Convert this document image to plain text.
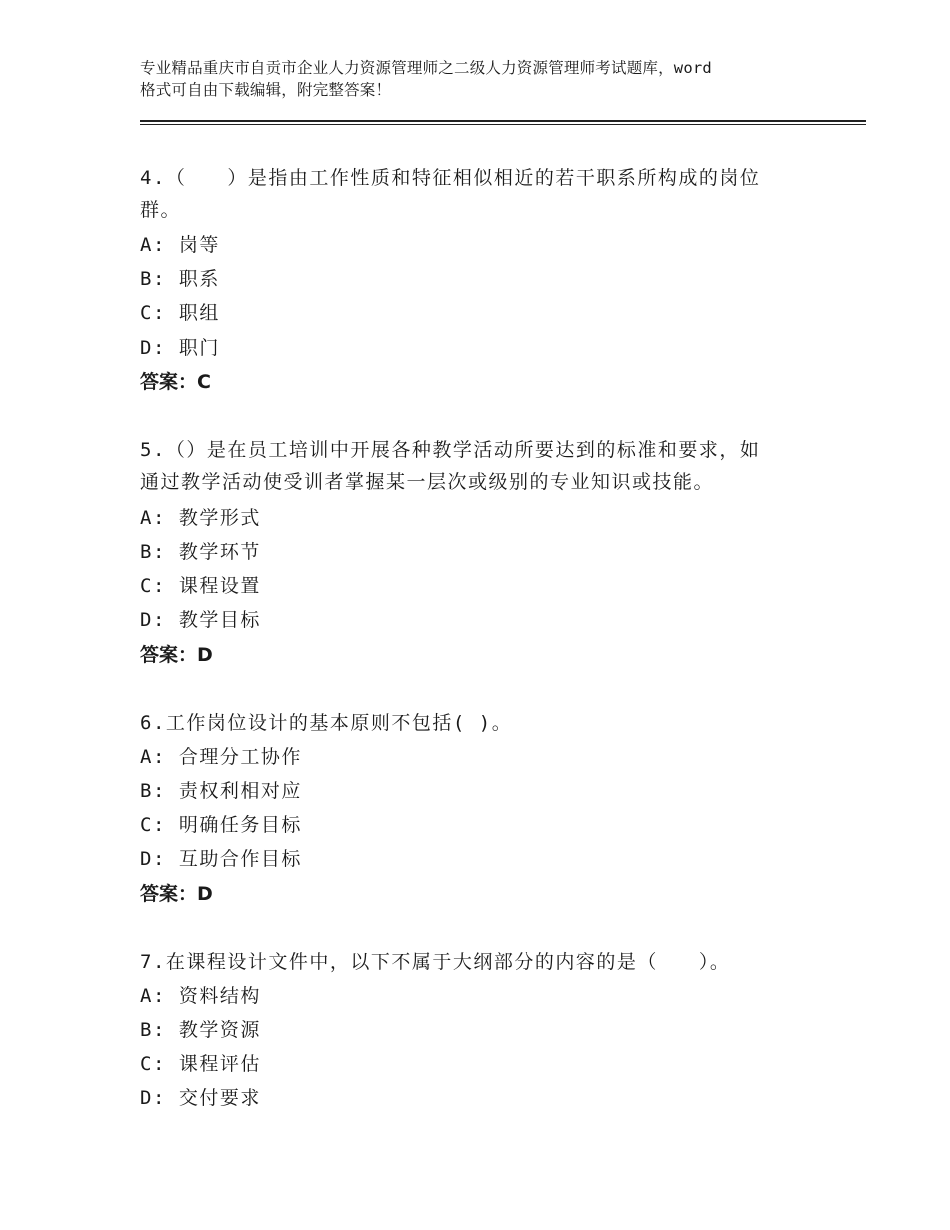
专业精品重庆市自贡市企业人力资源管理师之二级人力资源管理师考试题库，word
格式可自由下载编辑，附完整答案！
4.（　　）是指由工作性质和特征相似相近的若干职系所构成的岗位
群。
A: 岗等
B: 职系
C: 职组
D: 职门
答案：C
5.（）是在员工培训中开展各种教学活动所要达到的标准和要求，如
通过教学活动使受训者掌握某一层次或级别的专业知识或技能。
A: 教学形式
B: 教学环节
C: 课程设置
D: 教学目标
答案：D
6.工作岗位设计的基本原则不包括( )。
A: 合理分工协作
B: 责权利相对应
C: 明确任务目标
D: 互助合作目标
答案：D
7.在课程设计文件中，以下不属于大纲部分的内容的是（　　）。
A: 资料结构
B: 教学资源
C: 课程评估
D: 交付要求
